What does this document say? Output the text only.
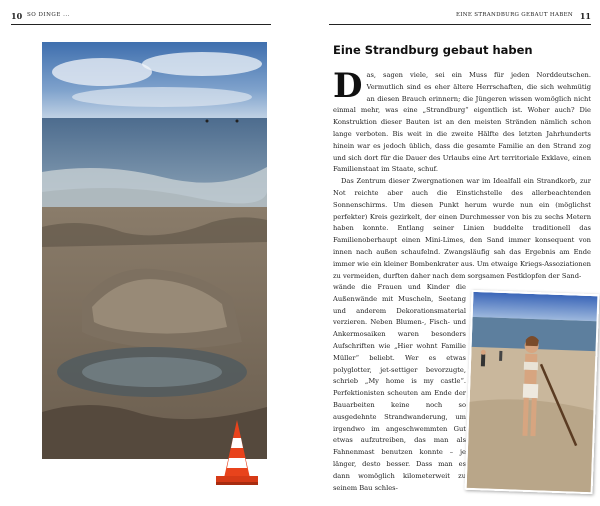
10 SO DINGE ...	EINE STRANDBURG GEBAUT HABEN 11
Eine Strandburg gebaut haben

Das, sagen viele, sei ein Muss für jeden Norddeutschen. Vermutlich sind es eher ältere Herrschaften, die sich wehmütig an diesen Brauch erinnern; die Jüngeren wissen womöglich nicht einmal mehr, was eine „Strandburg“ eigentlich ist. Woher auch? Die Konstruktion dieser Bauten ist an den meisten Stränden nämlich schon lange verboten. Bis weit in die zweite Hälfte des letzten Jahrhunderts hinein war es jedoch üblich, dass die gesamte Familie an den Strand zog und sich dort für die Dauer des Urlaubs eine Art territoriale Exklave, einen Familienstaat im Staate, schuf.

Das Zentrum dieser Zwergnationen war im Idealfall ein Strandkorb, zur Not reichte aber auch die Einstichstelle des allerbeachtenden Sonnenschirms. Um diesen Punkt herum wurde nun ein (möglichst perfekter) Kreis gezirkelt, der einen Durchmesser von bis zu sechs Metern haben konnte. Entlang seiner Linien buddelte traditionell das Familienoberhaupt einen Mini-Limes, den Sand immer konsequent von innen nach außen schaufelnd. Zwangsläufig sah das Ergebnis am Ende immer wie ein kleiner Bombenkrater aus. Um etwaige Kriegs-Assoziationen zu vermeiden, durften daher nach dem sorgsamen Festklopfen der Sand-

wände die Frauen und Kinder die Außenwände mit Muscheln, Seetang und anderem Dekorationsmaterial verzieren. Neben Blumen-, Fisch- und Ankermosaiken waren besonders Aufschriften wie „Hier wohnt Familie Müller“ beliebt. Wer es etwas polyglotter, jet-settiger bevorzugte, schrieb „My home is my castle“. Perfektionisten scheuten am Ende der Bauarbeiten keine noch so ausgedehnte Strandwanderung, um irgendwo im angeschwemmten Gut etwas aufzutreiben, das man als Fahnenmast benutzen konnte – je länger, desto besser. Dass man es dann womöglich kilometerweit zu seinem Bau schles-
